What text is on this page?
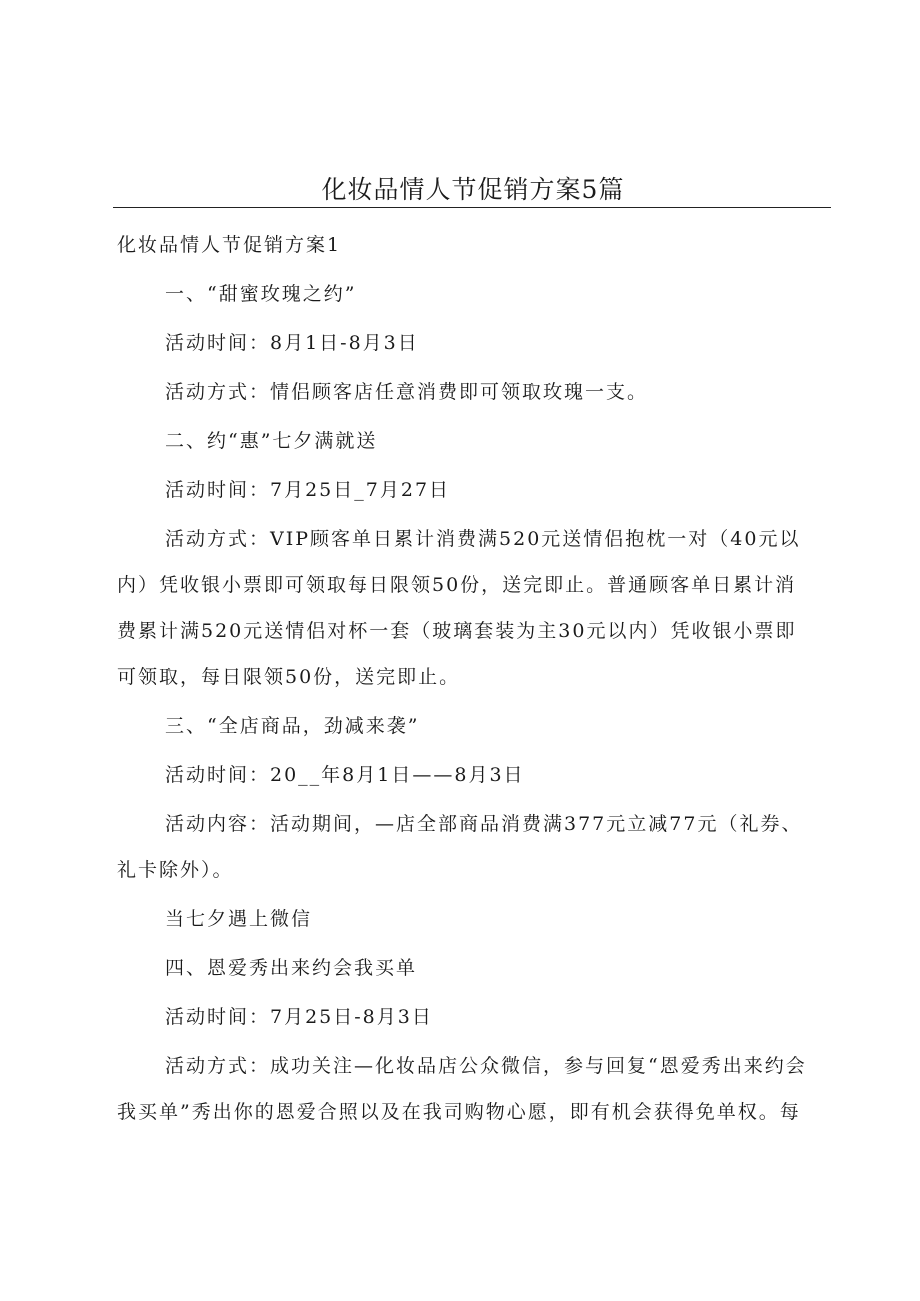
化妆品情人节促销方案5篇

化妆品情人节促销方案1

一、“甜蜜玫瑰之约”

活动时间：8月1日-8月3日

活动方式：情侣顾客店任意消费即可领取玫瑰一支。

二、约“惠”七夕满就送

活动时间：7月25日_7月27日

活动方式：VIP顾客单日累计消费满520元送情侣抱枕一对（40元以

内）凭收银小票即可领取每日限领50份，送完即止。普通顾客单日累计消

费累计满520元送情侣对杯一套（玻璃套装为主30元以内）凭收银小票即

可领取，每日限领50份，送完即止。

三、“全店商品，劲减来袭”

活动时间：20__年8月1日——8月3日

活动内容：活动期间，—店全部商品消费满377元立减77元（礼券、

礼卡除外）。

当七夕遇上微信

四、恩爱秀出来约会我买单

活动时间：7月25日-8月3日

活动方式：成功关注—化妆品店公众微信，参与回复“恩爱秀出来约会

我买单”秀出你的恩爱合照以及在我司购物心愿，即有机会获得免单权。每
